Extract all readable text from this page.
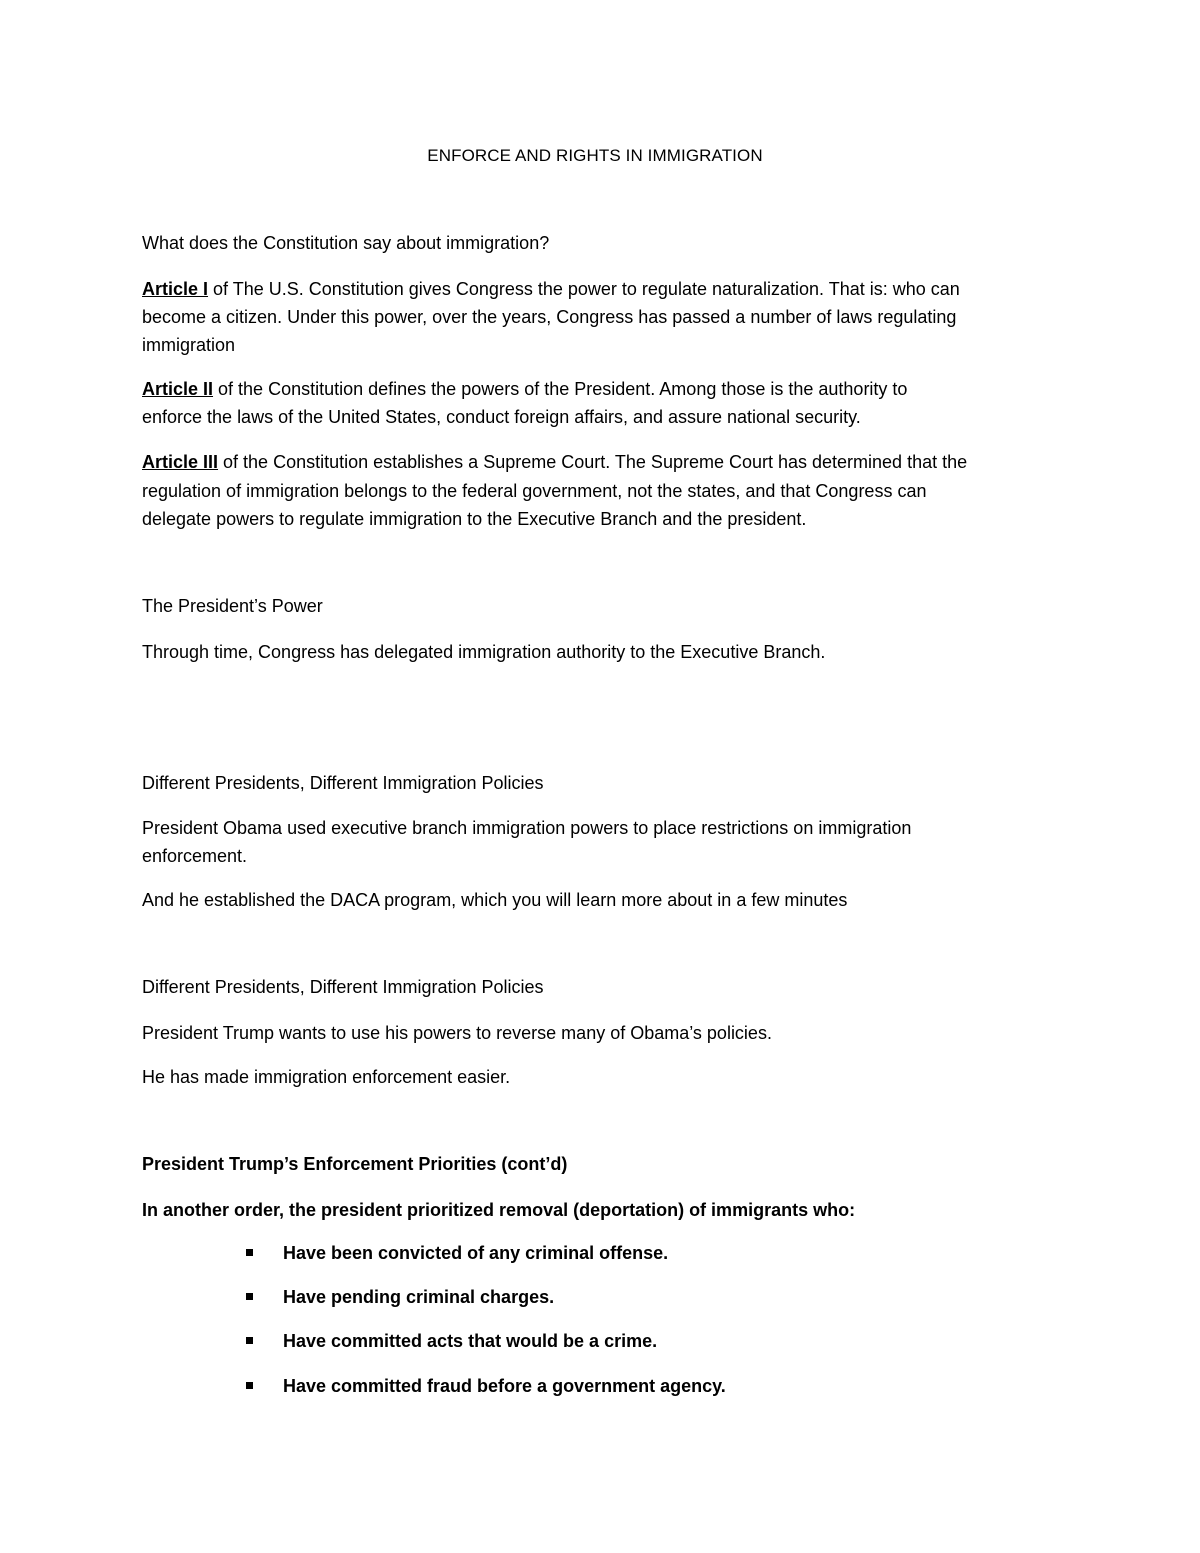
ENFORCE AND RIGHTS IN IMMIGRATION
What does the Constitution say about immigration?
Article I of The U.S. Constitution gives Congress the power to regulate naturalization. That is: who can
become a citizen. Under this power, over the years, Congress has passed a number of laws regulating
immigration
Article II of the Constitution defines the powers of the President. Among those is the authority to
enforce the laws of the United States, conduct foreign affairs, and assure national security.
Article III of the Constitution establishes a Supreme Court. The Supreme Court has determined that the
regulation of immigration belongs to the federal government, not the states, and that Congress can
delegate powers to regulate immigration to the Executive Branch and the president.
The President’s Power
Through time, Congress has delegated immigration authority to the Executive Branch.
Different Presidents, Different Immigration Policies
President Obama used executive branch immigration powers to place restrictions on immigration
enforcement.
And he established the DACA program, which you will learn more about in a few minutes
Different Presidents, Different Immigration Policies
President Trump wants to use his powers to reverse many of Obama’s policies.
He has made immigration enforcement easier.
President Trump’s Enforcement Priorities (cont’d)
In another order, the president prioritized removal (deportation) of immigrants who:
Have been convicted of any criminal offense.
Have pending criminal charges.
Have committed acts that would be a crime.
Have committed fraud before a government agency.
